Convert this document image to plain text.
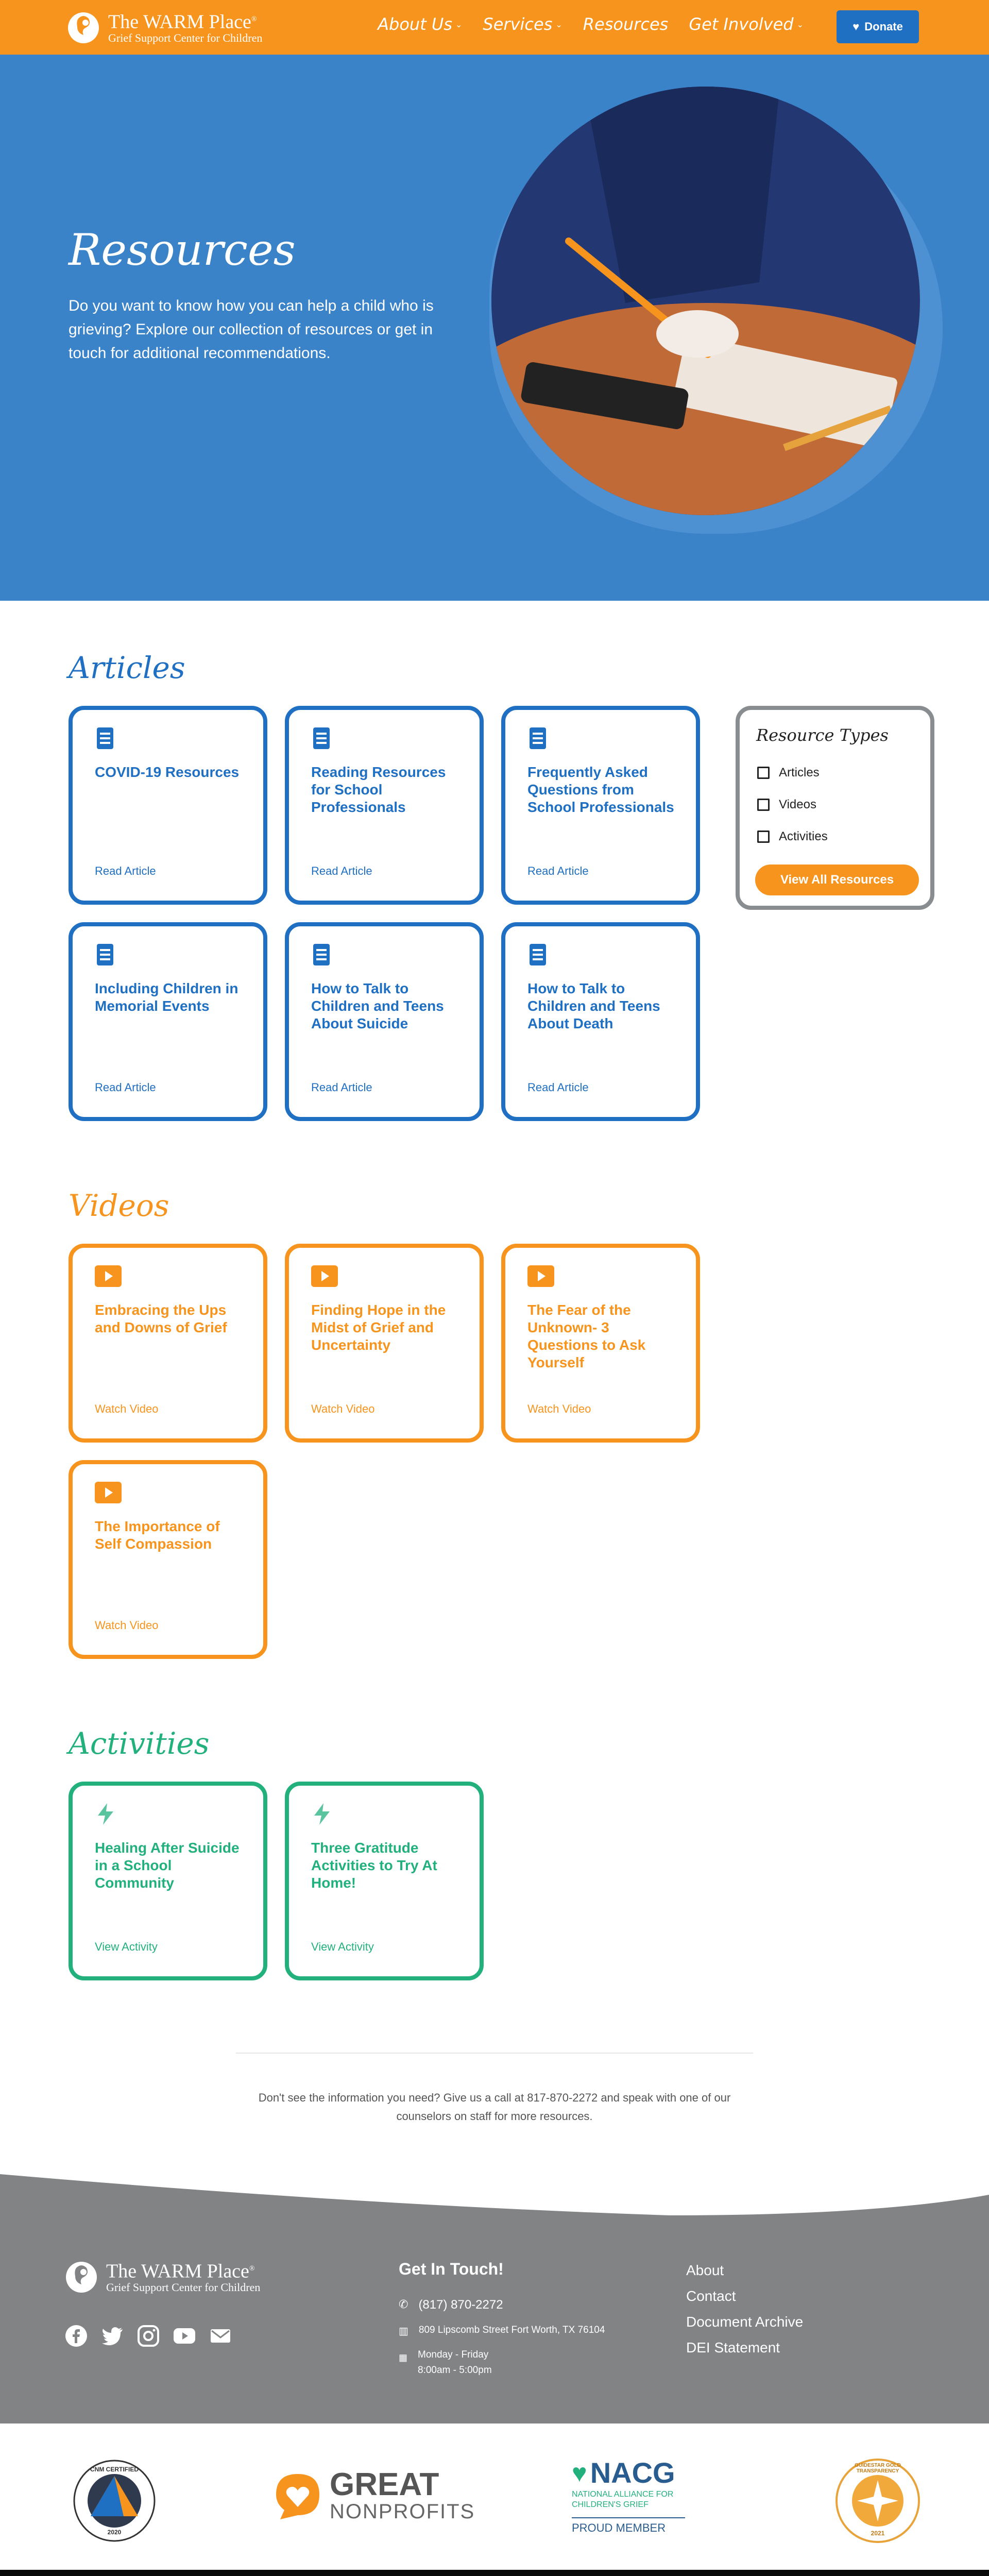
The WARM Place®
Grief Support Center for Children
About Us ⌄ Services ⌄ Resources Get Involved ⌄	♥ Donate
Resources
Do you want to know how you can help a child who is grieving? Explore our collection of resources or get in touch for additional recommendations.
Articles
COVID-19 Resources
Read Article
Reading Resources for School Professionals
Read Article
Frequently Asked Questions from School Professionals
Read Article
Including Children in Memorial Events
Read Article
How to Talk to Children and Teens About Suicide
Read Article
How to Talk to Children and Teens About Death
Read Article
Resource Types
Articles
Videos
Activities
View All Resources
Videos
Embracing the Ups and Downs of Grief
Watch Video
Finding Hope in the Midst of Grief and Uncertainty
Watch Video
The Fear of the Unknown- 3 Questions to Ask Yourself
Watch Video
The Importance of Self Compassion
Watch Video
Activities
Healing After Suicide in a School Community
View Activity
Three Gratitude Activities to Try At Home!
View Activity
Don't see the information you need? Give us a call at 817-870-2272 and speak with one of our counselors on staff for more resources.
The WARM Place®
Grief Support Center for Children
Get In Touch!
✆ (817) 870-2272
▥ 809 Lipscomb Street Fort Worth, TX 76104
▦ Monday - Friday
8:00am - 5:00pm
About
Contact
Document Archive
DEI Statement
CNM CERTIFIED
2020
GREAT
NONPROFITS
♥ NACG
NATIONAL ALLIANCE FOR CHILDREN'S GRIEF
PROUD MEMBER
GUIDESTAR GOLD TRANSPARENCY
2021
